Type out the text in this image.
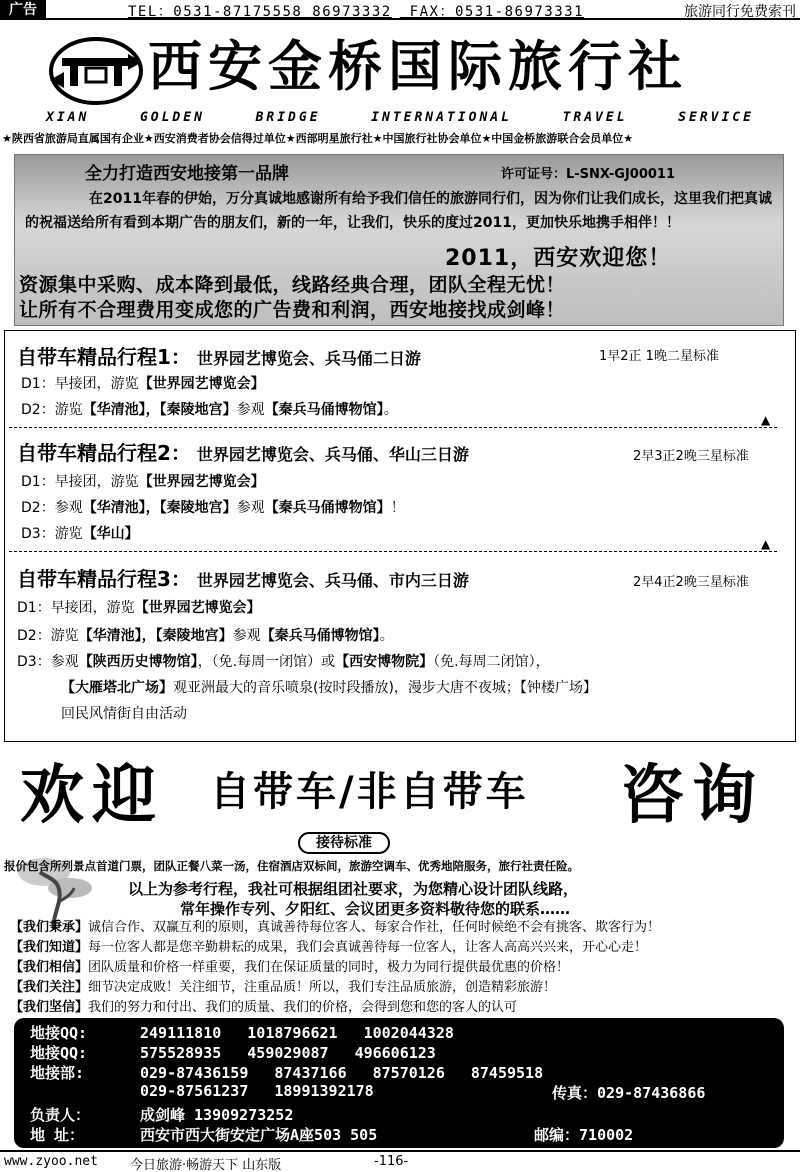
广告	TEL：0531-87175558 86973332 FAX：0531-86973331	旅游同行免费索刊
西安金桥国际旅行社
XIAN	GOLDEN	BRIDGE	INTERNATIONAL	TRAVEL	SERVICE
★陕西省旅游局直属国有企业★西安消费者协会信得过单位★西部明星旅行社★中国旅行社协会单位★中国金桥旅游联合会员单位★
全力打造西安地接第一品牌	许可证号：L-SNX-GJ00011
在2011年春的伊始，万分真诚地感谢所有给予我们信任的旅游同行们，因为你们让我们成长，这里我们把真诚的祝福送给所有看到本期广告的朋友们，新的一年，让我们，快乐的度过2011，更加快乐地携手相伴！！
2011，西安欢迎您！
资源集中采购、成本降到最低，线路经典合理，团队全程无忧！
让所有不合理费用变成您的广告费和利润，西安地接找成剑峰！
自带车精品行程1： 世界园艺博览会、兵马俑二日游	1早2正 1晚二星标准
D1：早接团，游览【世界园艺博览会】
D2：游览【华清池】，【秦陵地宫】参观【秦兵马俑博物馆】。
▲
自带车精品行程2： 世界园艺博览会、兵马俑、华山三日游	2早3正2晚三星标准
D1：早接团，游览【世界园艺博览会】
D2：参观【华清池】，【秦陵地宫】参观【秦兵马俑博物馆】！
D3：游览【华山】
▲
自带车精品行程3： 世界园艺博览会、兵马俑、市内三日游	2早4正2晚三星标准
D1：早接团，游览【世界园艺博览会】
D2：游览【华清池】，【秦陵地宫】参观【秦兵马俑博物馆】。
D3：参观【陕西历史博物馆】，（免.每周一闭馆）或【西安博物院】（免.每周二闭馆），
【大雁塔北广场】观亚洲最大的音乐喷泉(按时段播放)，漫步大唐不夜城；【钟楼广场】
回民风情街自由活动
欢迎 自带车/非自带车 咨询
接待标准
报价包含所列景点首道门票，团队正餐八菜一汤，住宿酒店双标间，旅游空调车、优秀地陪服务，旅行社责任险。
以上为参考行程，我社可根据组团社要求，为您精心设计团队线路，
常年操作专列、夕阳红、会议团更多资料敬待您的联系……
【我们秉承】诚信合作、双赢互利的原则，真诚善待每位客人、每家合作社，任何时候绝不会有挑客、欺客行为！
【我们知道】每一位客人都是您辛勤耕耘的成果，我们会真诚善待每一位客人，让客人高高兴兴来，开心心走！
【我们相信】团队质量和价格一样重要，我们在保证质量的同时，极力为同行提供最优惠的价格！
【我们关注】细节决定成败！关注细节，注重品质！所以，我们专注品质旅游，创造精彩旅游！
【我们坚信】我们的努力和付出、我们的质量、我们的价格，会得到您和您的客人的认可
地接QQ:	249111810 1018796621 1002044328
地接QQ:	575528935 459029087 496606123
地接部:	029-87436159 87437166 87570126 87459518
029-87561237 18991392178	传真：029-87436866
负责人：	成剑峰 13909273252
地 址：	西安市西大街安定广场A座503 505	邮编：710002
www.zyoo.net 今日旅游·畅游天下 山东版	-116-
